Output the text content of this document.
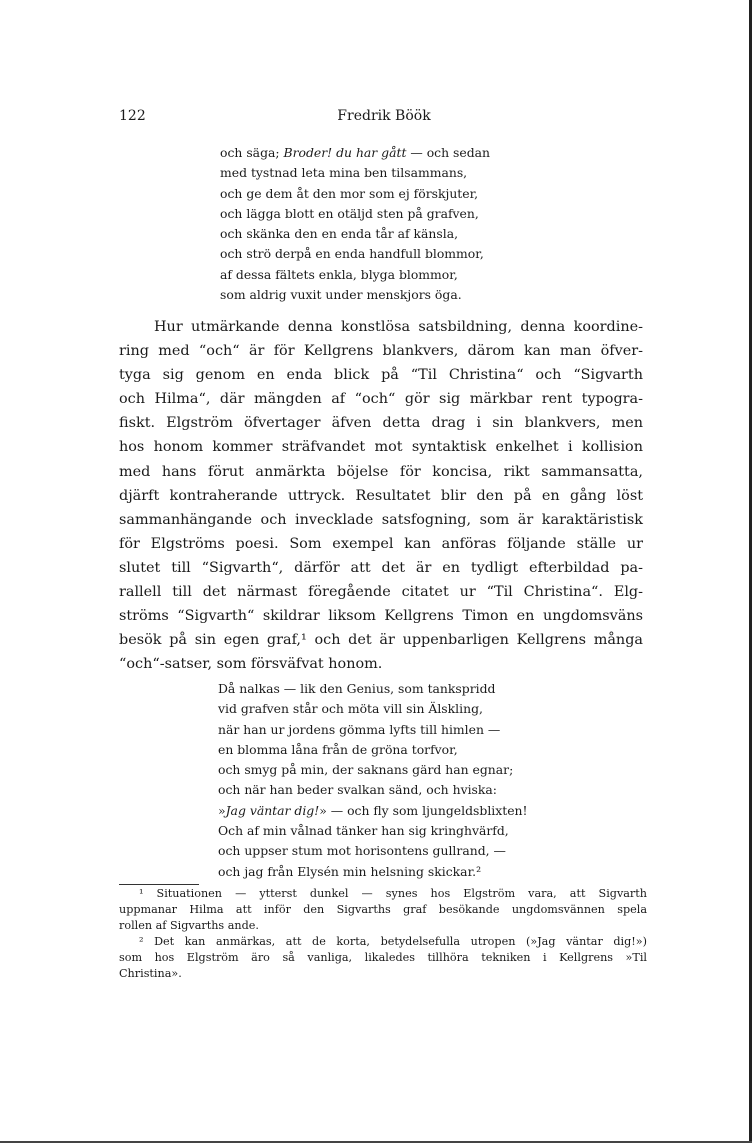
122	Fredrik Böök
och säga; Broder! du har gått — och sedan
med tystnad leta mina ben tilsammans,
och ge dem åt den mor som ej förskjuter,
och lägga blott en otäljd sten på grafven,
och skänka den en enda tår af känsla,
och strö derpå en enda handfull blommor,
af dessa fältets enkla, blyga blommor,
som aldrig vuxit under menskjors öga.
Hur utmärkande denna konstlösa satsbildning, denna koordine-
ring med “och“ är för Kellgrens blankvers, därom kan man öfver-
tyga sig genom en enda blick på “Til Christina“ och “Sigvarth
och Hilma“, där mängden af “och“ gör sig märkbar rent typogra-
fiskt. Elgström öfvertager äfven detta drag i sin blankvers, men
hos honom kommer sträfvandet mot syntaktisk enkelhet i kollision
med hans förut anmärkta böjelse för koncisa, rikt sammansatta,
djärft kontraherande uttryck. Resultatet blir den på en gång löst
sammanhängande och invecklade satsfogning, som är karaktäristisk
för Elgströms poesi. Som exempel kan anföras följande ställe ur
slutet till “Sigvarth“, därför att det är en tydligt efterbildad pa-
rallell till det närmast föregående citatet ur “Til Christina“. Elg-
ströms “Sigvarth“ skildrar liksom Kellgrens Timon en ungdomsväns
besök på sin egen graf,¹ och det är uppenbarligen Kellgrens många
“och“-satser, som försväfvat honom.
Då nalkas — lik den Genius, som tankspridd
vid grafven står och möta vill sin Älskling,
när han ur jordens gömma lyfts till himlen —
en blomma låna från de gröna torfvor,
och smyg på min, der saknans gärd han egnar;
och när han beder svalkan sänd, och hviska:
»Jag väntar dig!» — och fly som ljungeldsblixten!
Och af min vålnad tänker han sig kringhvärfd,
och uppser stum mot horisontens gullrand, —
och jag från Elysén min helsning skickar.²
¹ Situationen — ytterst dunkel — synes hos Elgström vara, att Sigvarth
uppmanar Hilma att inför den Sigvarths graf besökande ungdomsvännen spela
rollen af Sigvarths ande.
² Det kan anmärkas, att de korta, betydelsefulla utropen (»Jag väntar dig!»)
som hos Elgström äro så vanliga, likaledes tillhöra tekniken i Kellgrens »Til
Christina».
